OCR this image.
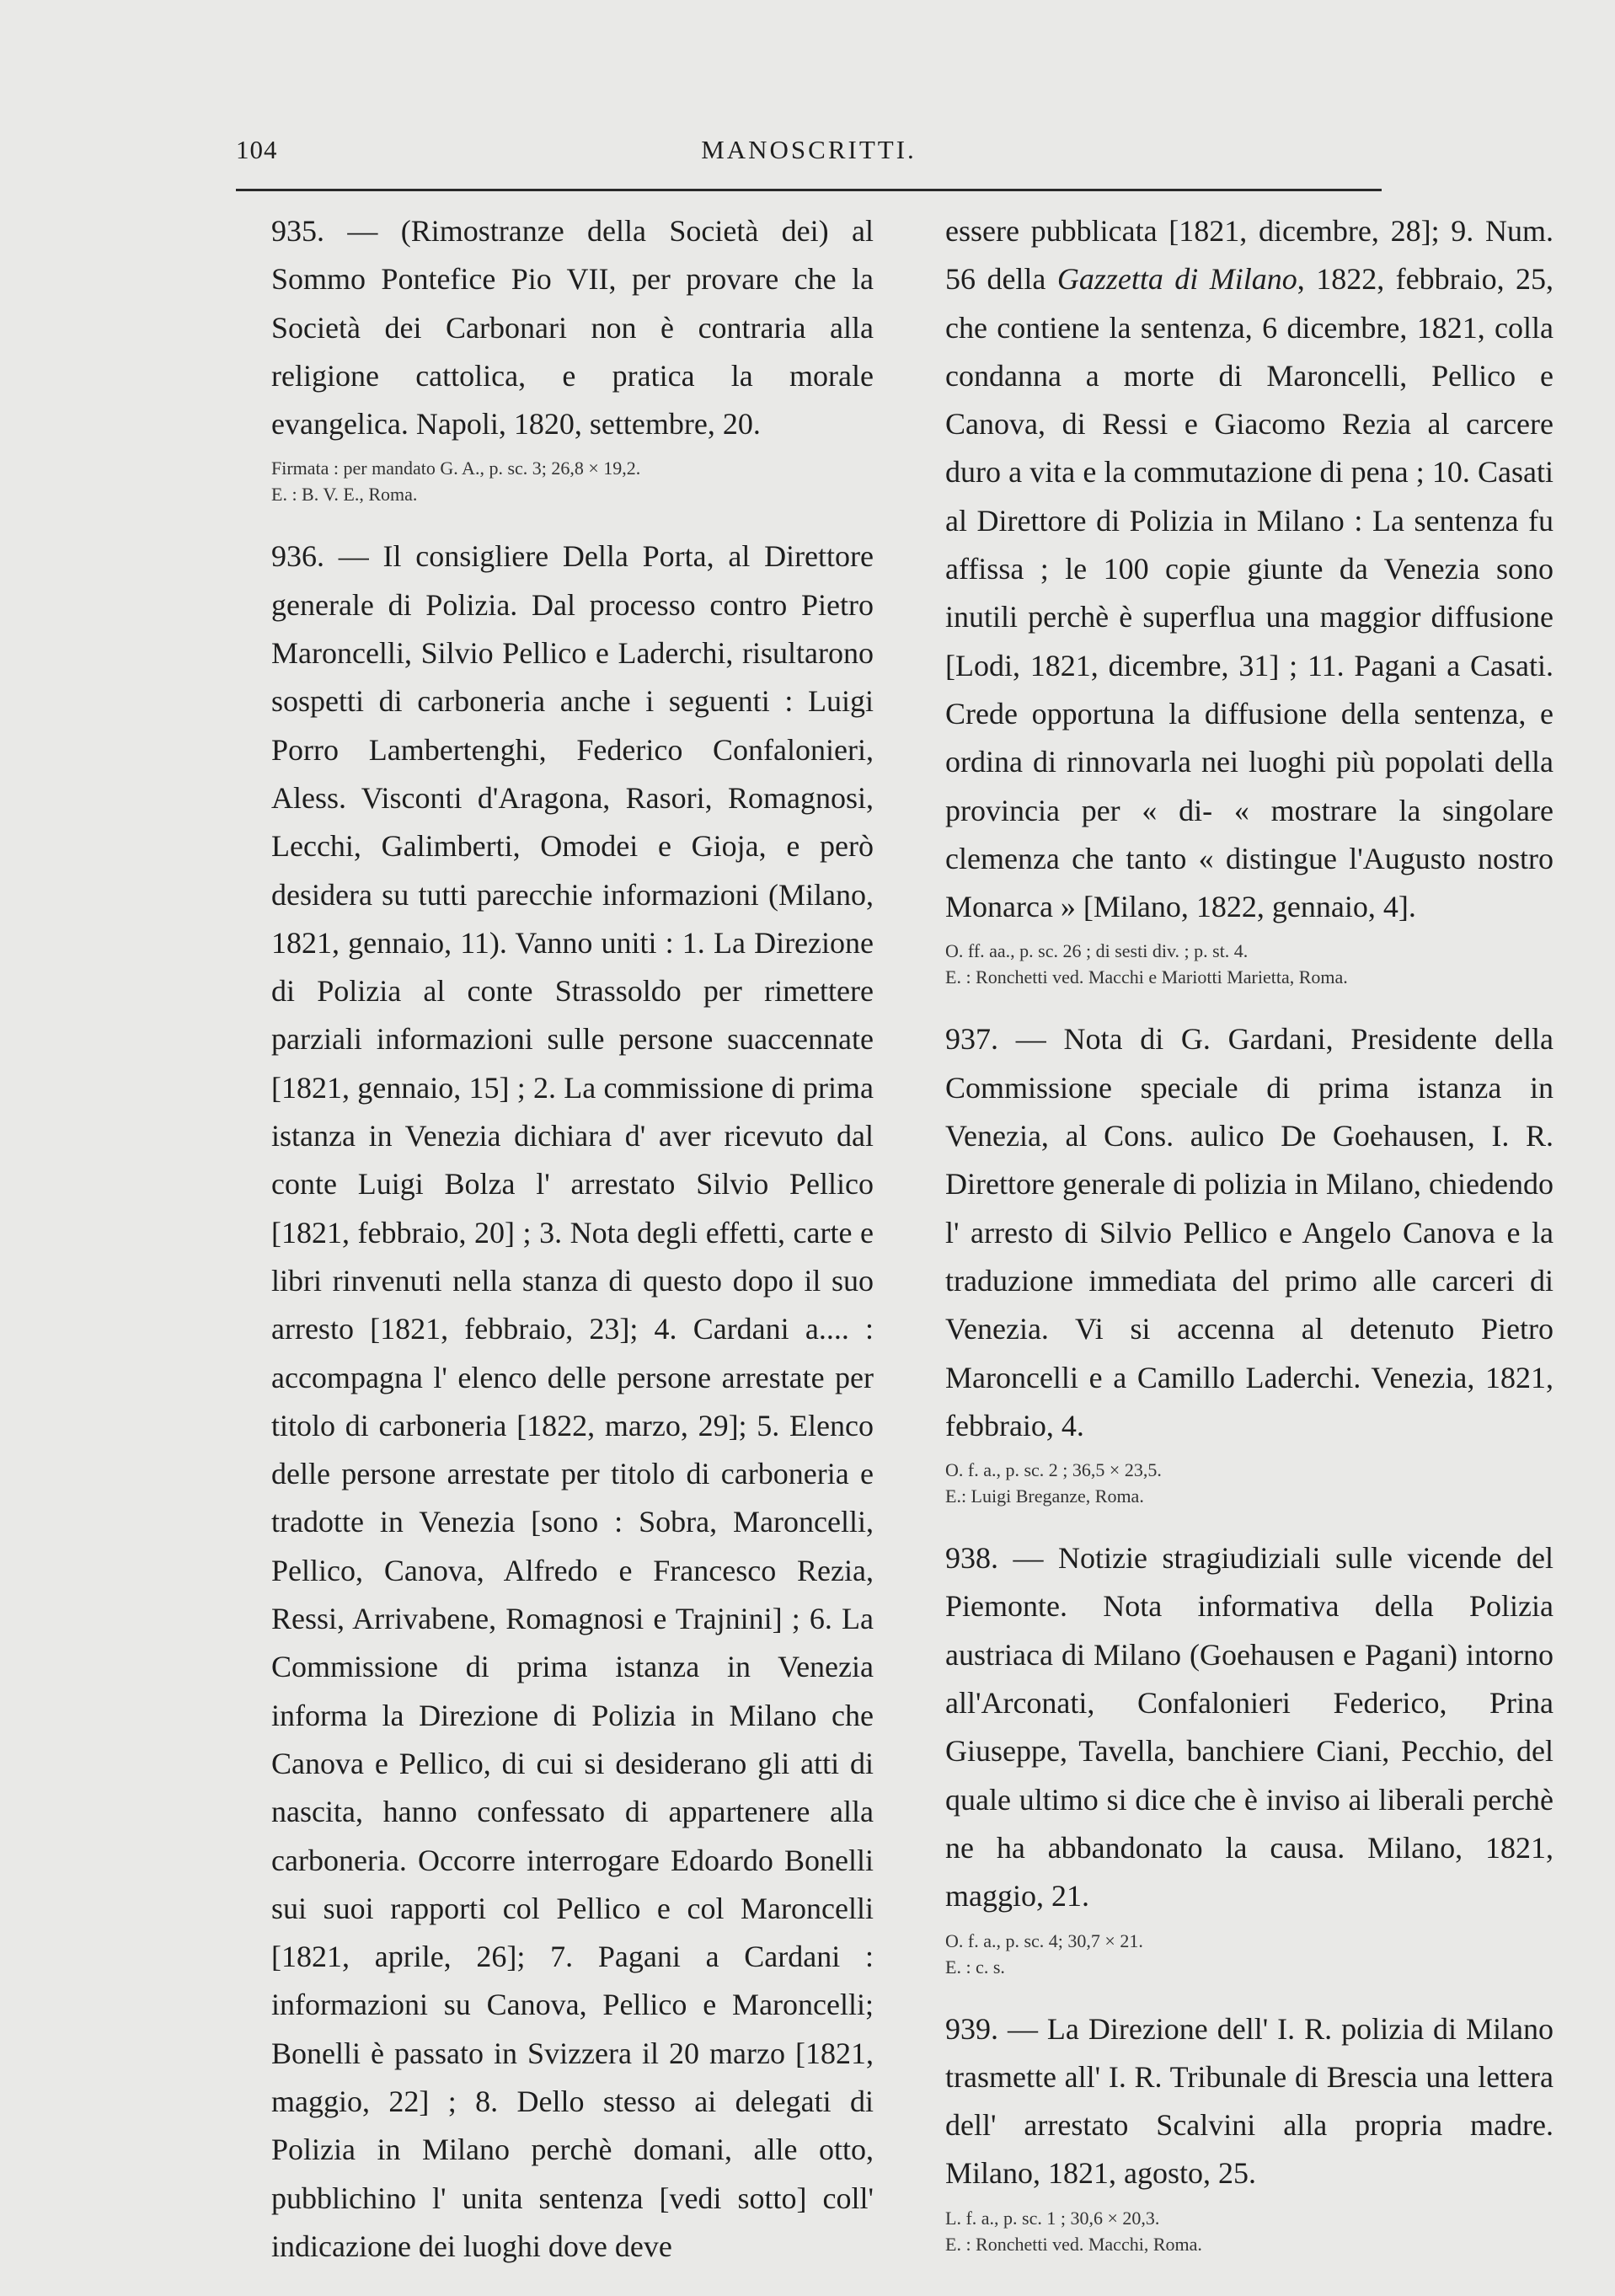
104	MANOSCRITTI.

935. — (Rimostranze della Società dei) al Sommo Pontefice Pio VII, per provare che la Società dei Carbonari non è contraria alla religione cattolica, e pratica la morale evangelica. Napoli, 1820, settembre, 20.

Firmata : per mandato G. A., p. sc. 3; 26,8 × 19,2.
E. : B. V. E., Roma.

936. — Il consigliere Della Porta, al Direttore generale di Polizia. Dal processo contro Pietro Maroncelli, Silvio Pellico e Laderchi, risultarono sospetti di carboneria anche i seguenti : Luigi Porro Lambertenghi, Federico Confalonieri, Aless. Visconti d'Aragona, Rasori, Romagnosi, Lecchi, Galimberti, Omodei e Gioja, e però desidera su tutti parecchie informazioni (Milano, 1821, gennaio, 11). Vanno uniti : 1. La Direzione di Polizia al conte Strassoldo per rimettere parziali informazioni sulle persone suaccennate [1821, gennaio, 15] ; 2. La commissione di prima istanza in Venezia dichiara d' aver ricevuto dal conte Luigi Bolza l' arrestato Silvio Pellico [1821, febbraio, 20] ; 3. Nota degli effetti, carte e libri rinvenuti nella stanza di questo dopo il suo arresto [1821, febbraio, 23]; 4. Cardani a.... : accompagna l' elenco delle persone arrestate per titolo di carboneria [1822, marzo, 29]; 5. Elenco delle persone arrestate per titolo di carboneria e tradotte in Venezia [sono : Sobra, Maroncelli, Pellico, Canova, Alfredo e Francesco Rezia, Ressi, Arrivabene, Romagnosi e Trajnini] ; 6. La Commissione di prima istanza in Venezia informa la Direzione di Polizia in Milano che Canova e Pellico, di cui si desiderano gli atti di nascita, hanno confessato di appartenere alla carboneria. Occorre interrogare Edoardo Bonelli sui suoi rapporti col Pellico e col Maroncelli [1821, aprile, 26]; 7. Pagani a Cardani : informazioni su Canova, Pellico e Maroncelli; Bonelli è passato in Svizzera il 20 marzo [1821, maggio, 22] ; 8. Dello stesso ai delegati di Polizia in Milano perchè domani, alle otto, pubblichino l' unita sentenza [vedi sotto] coll' indicazione dei luoghi dove deve

essere pubblicata [1821, dicembre, 28]; 9. Num. 56 della Gazzetta di Milano, 1822, febbraio, 25, che contiene la sentenza, 6 dicembre, 1821, colla condanna a morte di Maroncelli, Pellico e Canova, di Ressi e Giacomo Rezia al carcere duro a vita e la commutazione di pena ; 10. Casati al Direttore di Polizia in Milano : La sentenza fu affissa ; le 100 copie giunte da Venezia sono inutili perchè è superflua una maggior diffusione [Lodi, 1821, dicembre, 31] ; 11. Pagani a Casati. Crede opportuna la diffusione della sentenza, e ordina di rinnovarla nei luoghi più popolati della provincia per « di- « mostrare la singolare clemenza che tanto « distingue l'Augusto nostro Monarca » [Milano, 1822, gennaio, 4].

O. ff. aa., p. sc. 26 ; di sesti div. ; p. st. 4.
E. : Ronchetti ved. Macchi e Mariotti Marietta, Roma.

937. — Nota di G. Gardani, Presidente della Commissione speciale di prima istanza in Venezia, al Cons. aulico De Goehausen, I. R. Direttore generale di polizia in Milano, chiedendo l' arresto di Silvio Pellico e Angelo Canova e la traduzione immediata del primo alle carceri di Venezia. Vi si accenna al detenuto Pietro Maroncelli e a Camillo Laderchi. Venezia, 1821, febbraio, 4.

O. f. a., p. sc. 2 ; 36,5 × 23,5.
E.: Luigi Breganze, Roma.

938. — Notizie stragiudiziali sulle vicende del Piemonte. Nota informativa della Polizia austriaca di Milano (Goehausen e Pagani) intorno all'Arconati, Confalonieri Federico, Prina Giuseppe, Tavella, banchiere Ciani, Pecchio, del quale ultimo si dice che è inviso ai liberali perchè ne ha abbandonato la causa. Milano, 1821, maggio, 21.

O. f. a., p. sc. 4; 30,7 × 21.
E. : c. s.

939. — La Direzione dell' I. R. polizia di Milano trasmette all' I. R. Tribunale di Brescia una lettera dell' arrestato Scalvini alla propria madre. Milano, 1821, agosto, 25.

L. f. a., p. sc. 1 ; 30,6 × 20,3.
E. : Ronchetti ved. Macchi, Roma.
